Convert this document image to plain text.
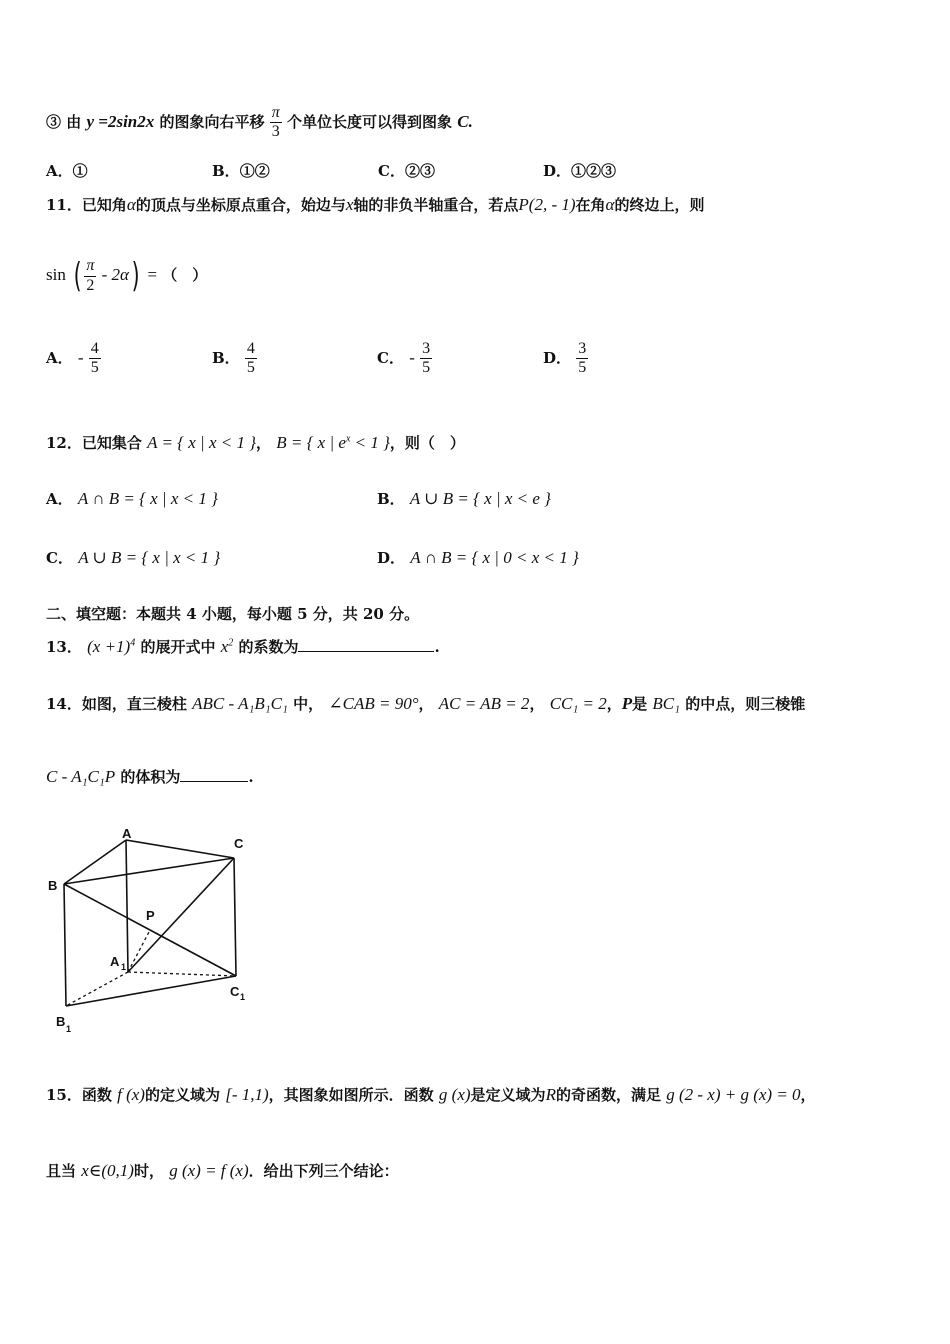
③ 由 y =2sin2x 的图象向右平移 $\frac{\pi}{3}$ 个单位长度可以得到图象 C.
A．①	B．①②	C．②③	D．①②③
11．已知角α的顶点与坐标原点重合，始边与x轴的非负半轴重合，若点P(2, - 1)在角α的终边上，则
sin ( $\frac{\pi}{2} - 2\alpha$) = （　）
A． - $\frac{4}{5}$	B． $\frac{4}{5}$	C． - $\frac{3}{5}$	D． $\frac{3}{5}$
12．已知集合 A = { x | x < 1 }， B = { x | $e^x < 1$ }，则（　）
A． A ∩ B = { x | x < 1 }	B． A ∪ B = { x | x < e }
C． A ∪ B = { x | x < 1 }	D． A ∩ B = { x | 0 < x < 1 }
二、填空题：本题共 4 小题，每小题 5 分，共 20 分。
13． $(x +1)^4$ 的展开式中 $x^2$ 的系数为	.
14．如图，直三棱柱 ABC - A₁B₁C₁ 中， ∠CAB = 90°， AC = AB = 2， CC₁ = 2，P是 BC₁ 的中点，则三棱锥
C - A₁C₁P 的体积为	.
A
C
B
P
A 1
C 1
B 1
15．函数 f (x)的定义域为 [- 1,1)，其图象如图所示．函数 g (x)是定义域为R的奇函数，满足 g (2 - x) + g (x) = 0，
且当 x∈(0,1)时， g (x) = f (x)．给出下列三个结论：
